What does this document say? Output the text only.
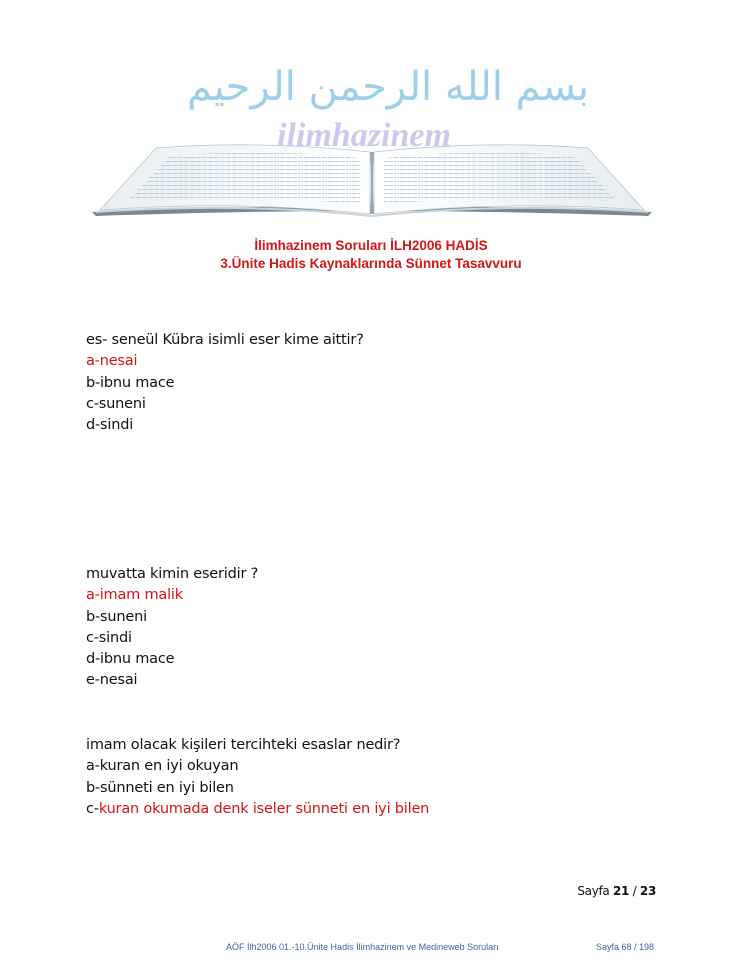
بسم الله الرحمن الرحيم
ilimhazinem
İlimhazinem Soruları İLH2006 HADİS
3.Ünite Hadis Kaynaklarında Sünnet Tasavvuru
es- seneül Kübra isimli eser kime aittir?
a-nesai
b-ibnu mace
c-suneni
d-sindi
muvatta kimin eseridir ?
a-imam malik
b-suneni
c-sindi
d-ibnu mace
e-nesai
imam olacak kişileri tercihteki esaslar nedir?
a-kuran en iyi okuyan
b-sünneti en iyi bilen
c-kuran okumada denk iseler sünneti en iyi bilen
Sayfa 21 / 23
AÖF İlh2006 01.-10.Ünite Hadis İlimhazinem ve Medineweb Soruları	Sayfa 68 / 198
